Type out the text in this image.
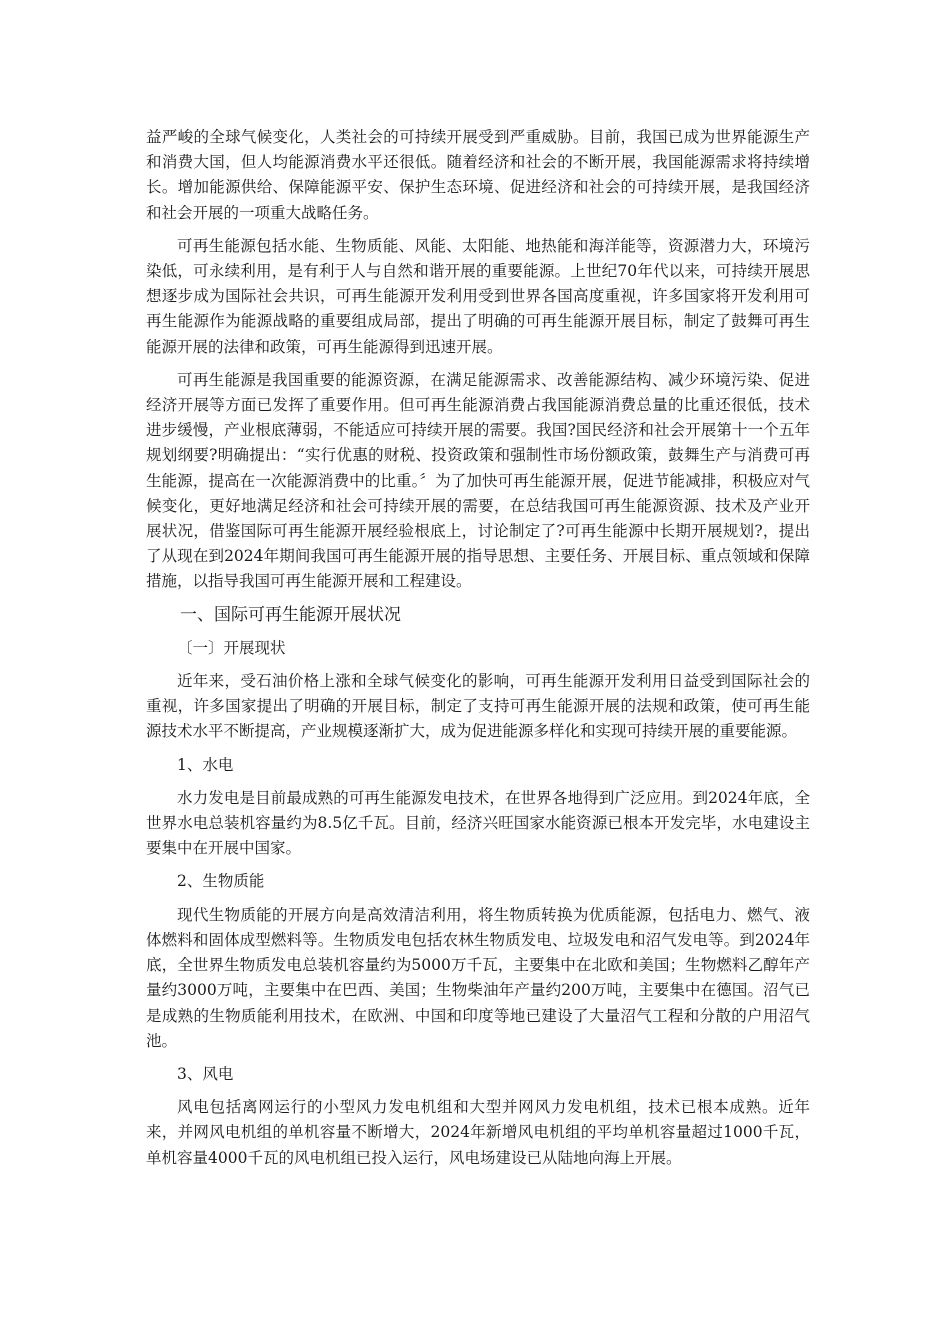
益严峻的全球气候变化，人类社会的可持续开展受到严重威胁。目前，我国已成为世界能源生产和消费大国，但人均能源消费水平还很低。随着经济和社会的不断开展，我国能源需求将持续增长。增加能源供给、保障能源平安、保护生态环境、促进经济和社会的可持续开展，是我国经济和社会开展的一项重大战略任务。

可再生能源包括水能、生物质能、风能、太阳能、地热能和海洋能等，资源潜力大，环境污染低，可永续利用，是有利于人与自然和谐开展的重要能源。上世纪70年代以来，可持续开展思想逐步成为国际社会共识，可再生能源开发利用受到世界各国高度重视，许多国家将开发利用可再生能源作为能源战略的重要组成局部，提出了明确的可再生能源开展目标，制定了鼓舞可再生能源开展的法律和政策，可再生能源得到迅速开展。

可再生能源是我国重要的能源资源，在满足能源需求、改善能源结构、减少环境污染、促进经济开展等方面已发挥了重要作用。但可再生能源消费占我国能源消费总量的比重还很低，技术进步缓慢，产业根底薄弱，不能适应可持续开展的需要。我国?国民经济和社会开展第十一个五年规划纲要?明确提出：“实行优惠的财税、投资政策和强制性市场份额政策，鼓舞生产与消费可再生能源，提高在一次能源消费中的比重。〞为了加快可再生能源开展，促进节能减排，积极应对气候变化，更好地满足经济和社会可持续开展的需要，在总结我国可再生能源资源、技术及产业开展状况，借鉴国际可再生能源开展经验根底上，讨论制定了?可再生能源中长期开展规划?，提出了从现在到2024年期间我国可再生能源开展的指导思想、主要任务、开展目标、重点领域和保障措施，以指导我国可再生能源开展和工程建设。

一、国际可再生能源开展状况

〔一〕开展现状

近年来，受石油价格上涨和全球气候变化的影响，可再生能源开发利用日益受到国际社会的重视，许多国家提出了明确的开展目标，制定了支持可再生能源开展的法规和政策，使可再生能源技术水平不断提高，产业规模逐渐扩大，成为促进能源多样化和实现可持续开展的重要能源。

1、水电

水力发电是目前最成熟的可再生能源发电技术，在世界各地得到广泛应用。到2024年底，全世界水电总装机容量约为8.5亿千瓦。目前，经济兴旺国家水能资源已根本开发完毕，水电建设主要集中在开展中国家。

2、生物质能

现代生物质能的开展方向是高效清洁利用，将生物质转换为优质能源，包括电力、燃气、液体燃料和固体成型燃料等。生物质发电包括农林生物质发电、垃圾发电和沼气发电等。到2024年底，全世界生物质发电总装机容量约为5000万千瓦，主要集中在北欧和美国；生物燃料乙醇年产量约3000万吨，主要集中在巴西、美国；生物柴油年产量约200万吨，主要集中在德国。沼气已是成熟的生物质能利用技术，在欧洲、中国和印度等地已建设了大量沼气工程和分散的户用沼气池。

3、风电

风电包括离网运行的小型风力发电机组和大型并网风力发电机组，技术已根本成熟。近年来，并网风电机组的单机容量不断增大，2024年新增风电机组的平均单机容量超过1000千瓦，单机容量4000千瓦的风电机组已投入运行，风电场建设已从陆地向海上开展。
